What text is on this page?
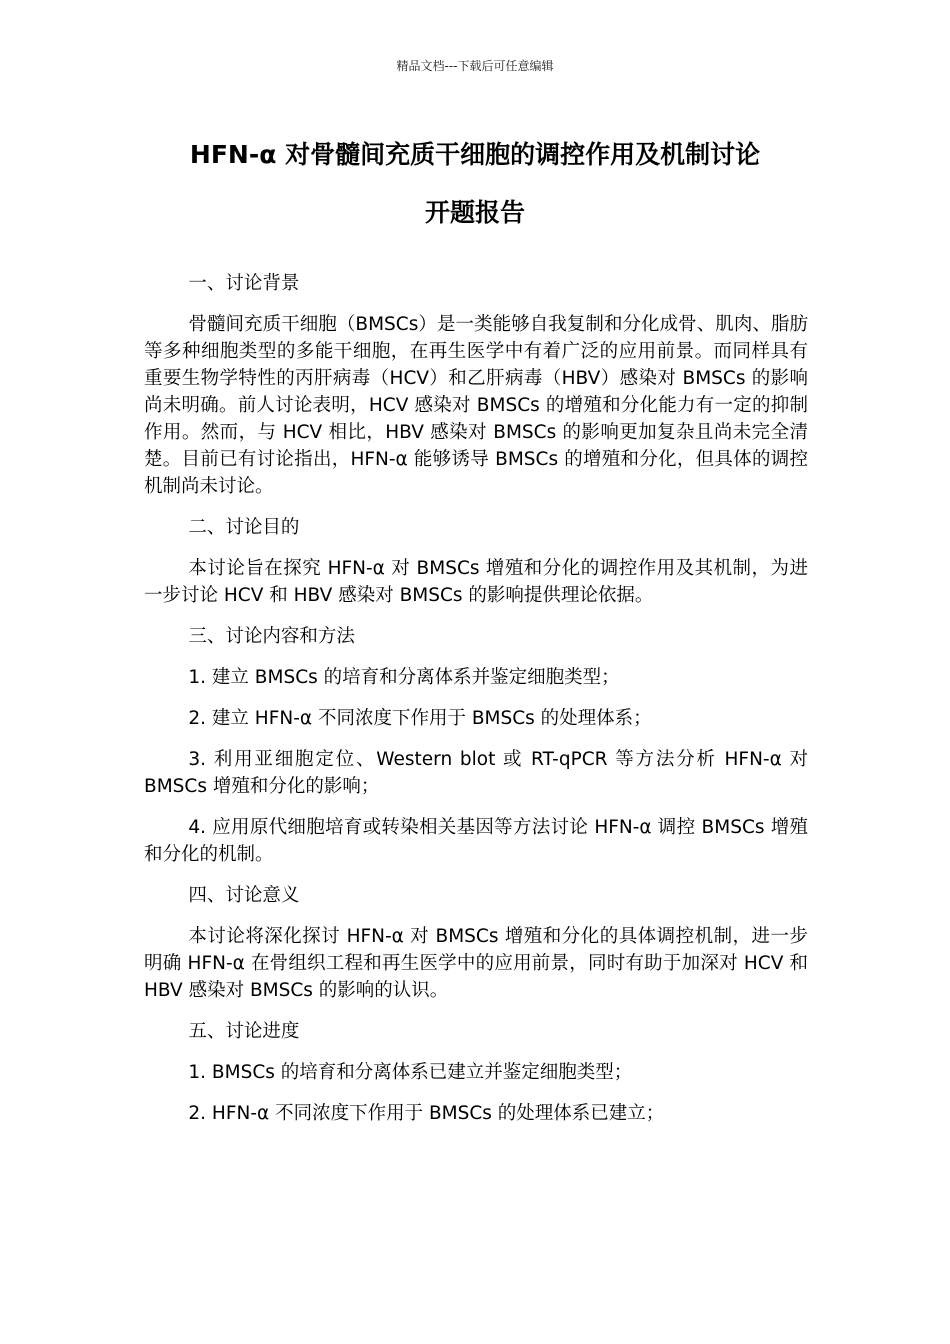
精品文档---下载后可任意编辑
HFN-α 对骨髓间充质干细胞的调控作用及机制讨论
开题报告

一、讨论背景

骨髓间充质干细胞（BMSCs）是一类能够自我复制和分化成骨、肌肉、脂肪等多种细胞类型的多能干细胞，在再生医学中有着广泛的应用前景。而同样具有重要生物学特性的丙肝病毒（HCV）和乙肝病毒（HBV）感染对 BMSCs 的影响尚未明确。前人讨论表明，HCV 感染对 BMSCs 的增殖和分化能力有一定的抑制作用。然而，与 HCV 相比，HBV 感染对 BMSCs 的影响更加复杂且尚未完全清楚。目前已有讨论指出，HFN-α 能够诱导 BMSCs 的增殖和分化，但具体的调控机制尚未讨论。

二、讨论目的

本讨论旨在探究 HFN-α 对 BMSCs 增殖和分化的调控作用及其机制，为进一步讨论 HCV 和 HBV 感染对 BMSCs 的影响提供理论依据。

三、讨论内容和方法

1. 建立 BMSCs 的培育和分离体系并鉴定细胞类型；

2. 建立 HFN-α 不同浓度下作用于 BMSCs 的处理体系；

3. 利用亚细胞定位、Western blot 或 RT-qPCR 等方法分析 HFN-α 对 BMSCs 增殖和分化的影响；

4. 应用原代细胞培育或转染相关基因等方法讨论 HFN-α 调控 BMSCs 增殖和分化的机制。

四、讨论意义

本讨论将深化探讨 HFN-α 对 BMSCs 增殖和分化的具体调控机制，进一步明确 HFN-α 在骨组织工程和再生医学中的应用前景，同时有助于加深对 HCV 和 HBV 感染对 BMSCs 的影响的认识。

五、讨论进度

1. BMSCs 的培育和分离体系已建立并鉴定细胞类型；

2. HFN-α 不同浓度下作用于 BMSCs 的处理体系已建立；
